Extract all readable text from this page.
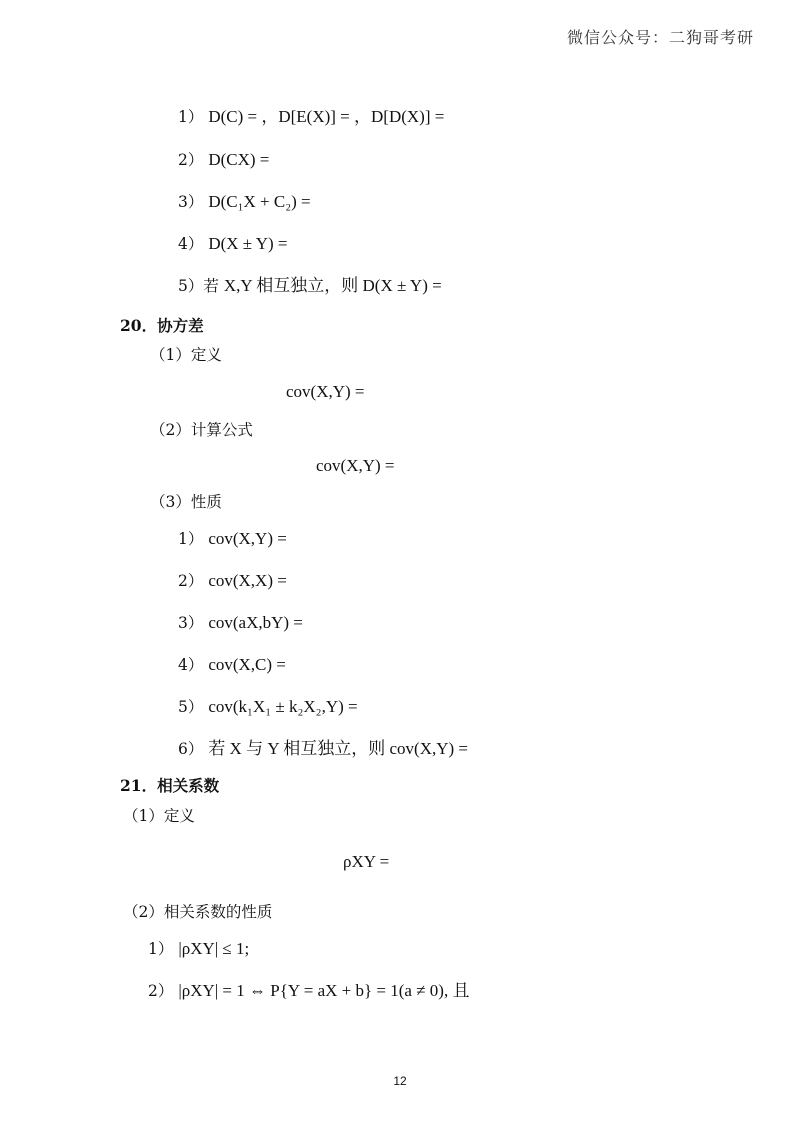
微信公众号：二狗哥考研
1） D(C) = ，D[E(X)] = ，D[D(X)] =
2） D(CX) =
3） D(C₁X + C₂) =
4） D(X ± Y) =
5）若 X,Y 相互独立，则 D(X ± Y) =
20．协方差
（1）定义
cov(X,Y) =
（2）计算公式
cov(X,Y) =
（3）性质
1） cov(X,Y) =
2） cov(X,X) =
3） cov(aX,bY) =
4） cov(X,C) =
5） cov(k₁X₁ ± k₂X₂,Y) =
6） 若 X 与 Y 相互独立，则 cov(X,Y) =
21．相关系数
（1）定义
ρXY =
（2）相关系数的性质
1） |ρXY| ≤ 1;
2） |ρXY| = 1 ⇔ P{Y = aX + b} = 1(a ≠ 0), 且
12
